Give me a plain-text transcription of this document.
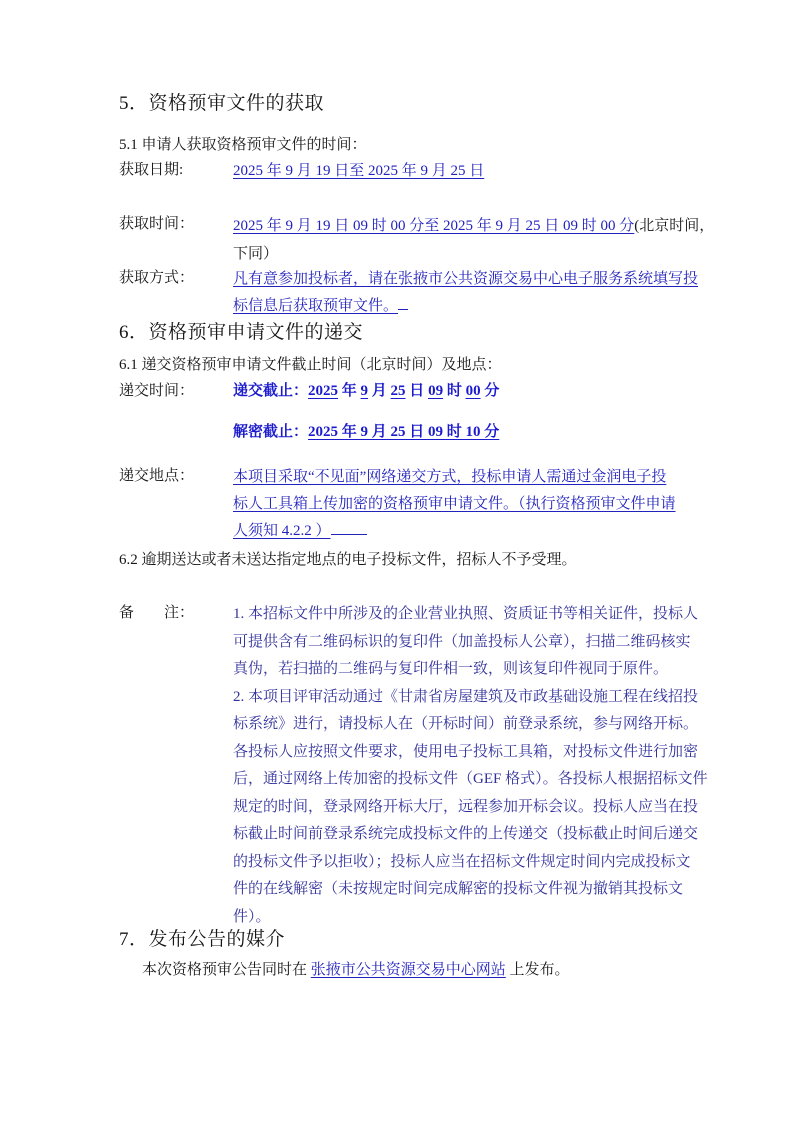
5．资格预审文件的获取
5.1 申请人获取资格预审文件的时间：
获取日期:	2025 年 9 月 19 日至 2025 年 9 月 25 日
获取时间：	2025 年 9 月 19 日 09 时 00 分至 2025 年 9 月 25 日 09 时 00 分(北京时间，
下同）
获取方式：	凡有意参加投标者，请在张掖市公共资源交易中心电子服务系统填写投
标信息后获取预审文件。
6．资格预审申请文件的递交
6.1 递交资格预审申请文件截止时间（北京时间）及地点：
递交时间：	递交截止：2025 年 9 月 25 日 09 时 00 分
解密截止：2025 年 9 月 25 日 09 时 10 分
递交地点：	本项目采取“不见面”网络递交方式，投标申请人需通过金润电子投
标人工具箱上传加密的资格预审申请文件。（执行资格预审文件申请
人须知 4.2.2 ）
6.2 逾期送达或者未送达指定地点的电子投标文件，招标人不予受理。
备　　注：	1. 本招标文件中所涉及的企业营业执照、资质证书等相关证件，投标人
可提供含有二维码标识的复印件（加盖投标人公章），扫描二维码核实
真伪，若扫描的二维码与复印件相一致，则该复印件视同于原件。
2. 本项目评审活动通过《甘肃省房屋建筑及市政基础设施工程在线招投
标系统》进行，请投标人在（开标时间）前登录系统，参与网络开标。
各投标人应按照文件要求，使用电子投标工具箱，对投标文件进行加密
后，通过网络上传加密的投标文件（GEF 格式）。各投标人根据招标文件
规定的时间，登录网络开标大厅，远程参加开标会议。投标人应当在投
标截止时间前登录系统完成投标文件的上传递交（投标截止时间后递交
的投标文件予以拒收）；投标人应当在招标文件规定时间内完成投标文
件的在线解密（未按规定时间完成解密的投标文件视为撤销其投标文
件）。
7．发布公告的媒介
本次资格预审公告同时在 张掖市公共资源交易中心网站 上发布。
